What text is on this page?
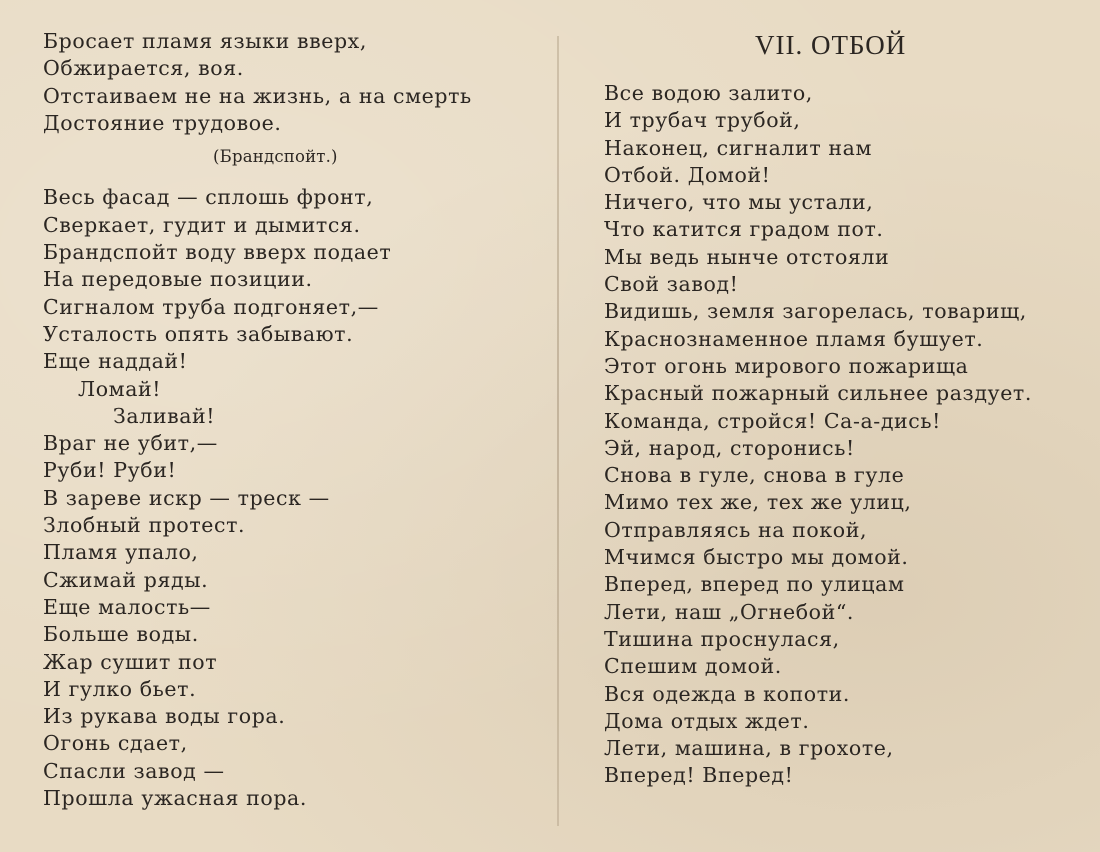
Бросает пламя языки вверх,
Обжирается, воя.
Отстаиваем не на жизнь, а на смерть
Достояние трудовое.
(Брандспойт.)
Весь фасад — сплошь фронт,
Сверкает, гудит и дымится.
Брандспойт воду вверх подает
На передовые позиции.
Сигналом труба подгоняет,—
Усталость опять забывают.
Еще наддай!
Ломай!
Заливай!
Враг не убит,—
Руби! Руби!
В зареве искр — треск —
Злобный протест.
Пламя упало,
Сжимай ряды.
Еще малость—
Больше воды.
Жар сушит пот
И гулко бьет.
Из рукава воды гора.
Огонь сдает,
Спасли завод —
Прошла ужасная пора.
VII. ОТБОЙ
Все водою залито,
И трубач трубой,
Наконец, сигналит нам
Отбой. Домой!
Ничего, что мы устали,
Что катится градом пот.
Мы ведь нынче отстояли
Свой завод!
Видишь, земля загорелась, товарищ,
Краснознаменное пламя бушует.
Этот огонь мирового пожарища
Красный пожарный сильнее раздует.
Команда, стройся! Са-а-дись!
Эй, народ, сторонись!
Снова в гуле, снова в гуле
Мимо тех же, тех же улиц,
Отправляясь на покой,
Мчимся быстро мы домой.
Вперед, вперед по улицам
Лети, наш „Огнебой“.
Тишина проснулася,
Спешим домой.
Вся одежда в копоти.
Дома отдых ждет.
Лети, машина, в грохоте,
Вперед! Вперед!
